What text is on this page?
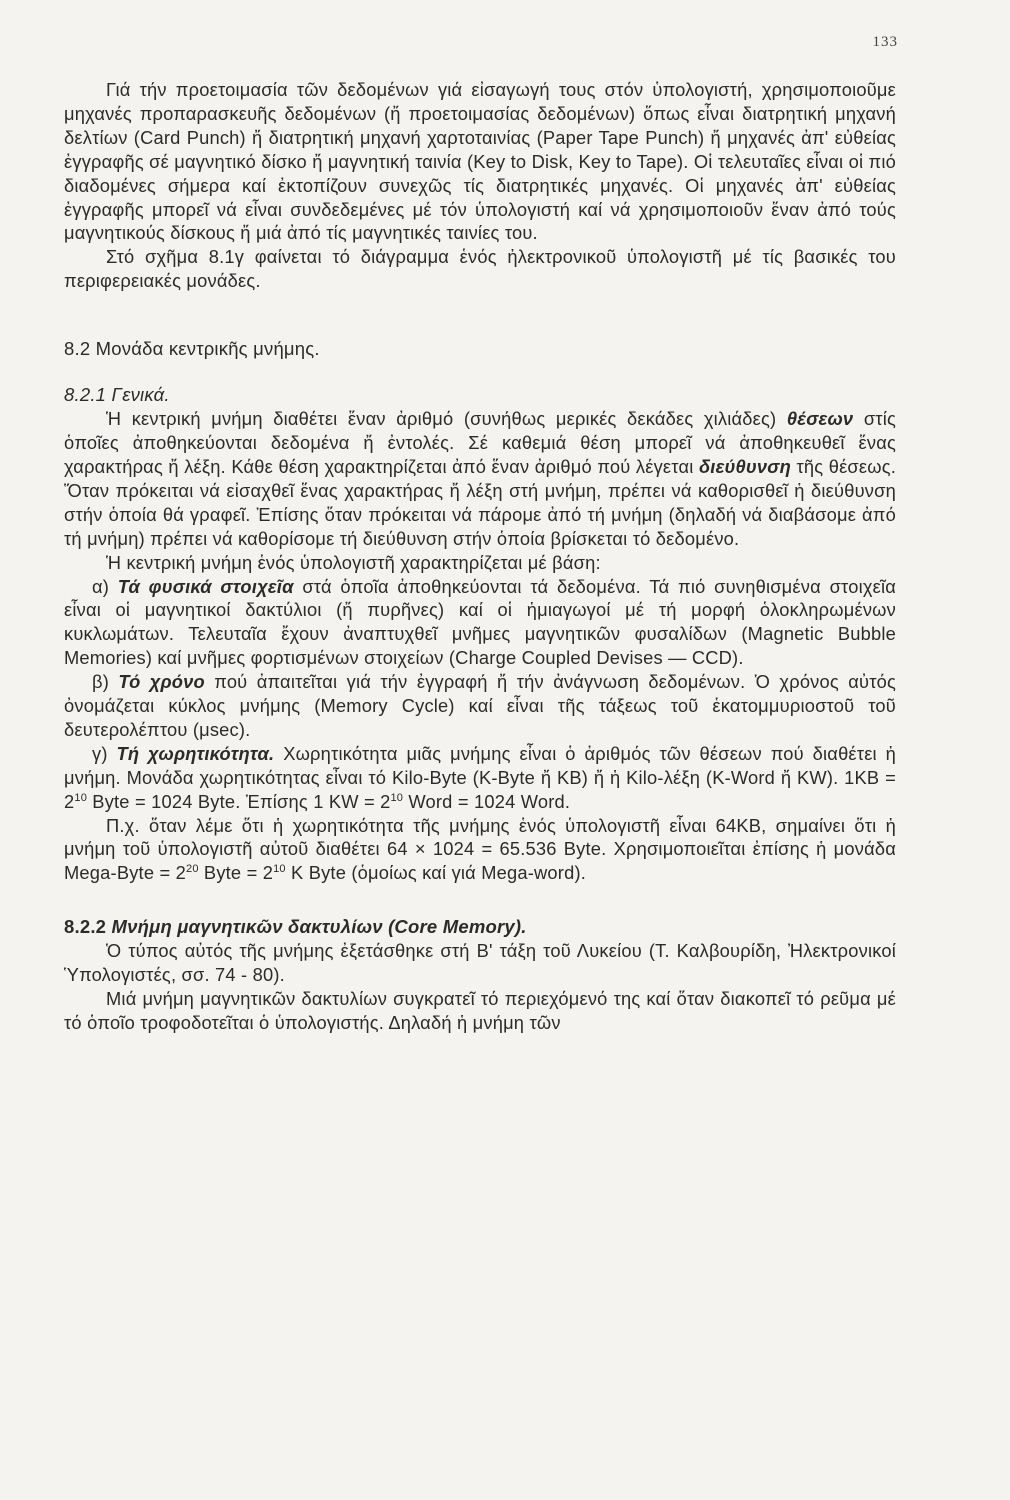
133

Γιά τήν προετοιμασία τῶν δεδομένων γιά εἰσαγωγή τους στόν ὑπολογιστή, χρησιμοποιοῦμε μηχανές προπαρασκευῆς δεδομένων (ἤ προετοιμασίας δεδομένων) ὅπως εἶναι διατρητική μηχανή δελτίων (Card Punch) ἤ διατρητική μηχανή χαρτοταινίας (Paper Tape Punch) ἤ μηχανές ἀπ' εὐθείας ἐγγραφῆς σέ μαγνητικό δίσκο ἤ μαγνητική ταινία (Key to Disk, Key to Tape). Οἱ τελευταῖες εἶναι οἱ πιό διαδομένες σήμερα καί ἐκτοπίζουν συνεχῶς τίς διατρητικές μηχανές. Οἱ μηχανές ἀπ' εὐθείας ἐγγραφῆς μπορεῖ νά εἶναι συνδεδεμένες μέ τόν ὑπολογιστή καί νά χρησιμοποιοῦν ἕναν ἀπό τούς μαγνητικούς δίσκους ἤ μιά ἀπό τίς μαγνητικές ταινίες του.

Στό σχῆμα 8.1γ φαίνεται τό διάγραμμα ἑνός ἠλεκτρονικοῦ ὑπολογιστῆ μέ τίς βασικές του περιφερειακές μονάδες.

8.2 Μονάδα κεντρικῆς μνήμης.
8.2.1 Γενικά.

Ἡ κεντρική μνήμη διαθέτει ἕναν ἀριθμό (συνήθως μερικές δεκάδες χιλιάδες) θέσεων στίς ὁποῖες ἀποθηκεύονται δεδομένα ἤ ἐντολές. Σέ καθεμιά θέση μπορεῖ νά ἀποθηκευθεῖ ἕνας χαρακτήρας ἤ λέξη. Κάθε θέση χαρακτηρίζεται ἀπό ἕναν ἀριθμό πού λέγεται διεύθυνση τῆς θέσεως. Ὅταν πρόκειται νά εἰσαχθεῖ ἕνας χαρακτήρας ἤ λέξη στή μνήμη, πρέπει νά καθορισθεῖ ἡ διεύθυνση στήν ὁποία θά γραφεῖ. Ἐπίσης ὅταν πρόκειται νά πάρομε ἀπό τή μνήμη (δηλαδή νά διαβάσομε ἀπό τή μνήμη) πρέπει νά καθορίσομε τή διεύθυνση στήν ὁποία βρίσκεται τό δεδομένο.

Ἡ κεντρική μνήμη ἑνός ὑπολογιστῆ χαρακτηρίζεται μέ βάση:

α) Τά φυσικά στοιχεῖα στά ὁποῖα ἀποθηκεύονται τά δεδομένα. Τά πιό συνηθισμένα στοιχεῖα εἶναι οἱ μαγνητικοί δακτύλιοι (ἤ πυρῆνες) καί οἱ ἡμιαγωγοί μέ τή μορφή ὁλοκληρωμένων κυκλωμάτων. Τελευταῖα ἔχουν ἀναπτυχθεῖ μνῆμες μαγνητικῶν φυσαλίδων (Magnetic Bubble Memories) καί μνῆμες φορτισμένων στοιχείων (Charge Coupled Devises — CCD).

β) Τό χρόνο πού ἀπαιτεῖται γιά τήν ἐγγραφή ἤ τήν ἀνάγνωση δεδομένων. Ὁ χρόνος αὐτός ὀνομάζεται κύκλος μνήμης (Memory Cycle) καί εἶναι τῆς τάξεως τοῦ ἑκατομμυριοστοῦ τοῦ δευτερολέπτου (μsec).

γ) Τή χωρητικότητα. Χωρητικότητα μιᾶς μνήμης εἶναι ὁ ἀριθμός τῶν θέσεων πού διαθέτει ἡ μνήμη. Μονάδα χωρητικότητας εἶναι τό Kilo-Byte (K-Byte ἤ KB) ἤ ἡ Kilo-λέξη (K-Word ἤ KW). $1KB = 2^{10}$ Byte = 1024 Byte. Ἐπίσης 1 KW = $2^{10}$ Word = 1024 Word.

Π.χ. ὅταν λέμε ὅτι ἡ χωρητικότητα τῆς μνήμης ἑνός ὑπολογιστῆ εἶναι 64KB, σημαίνει ὅτι ἡ μνήμη τοῦ ὑπολογιστῆ αὐτοῦ διαθέτει 64 × 1024 = 65.536 Byte. Χρησιμοποιεῖται ἐπίσης ἡ μονάδα Mega-Byte = $2^{20}$ Byte = $2^{10}$ K Byte (ὁμοίως καί γιά Mega-word).

8.2.2 Μνήμη μαγνητικῶν δακτυλίων (Core Memory).

Ὁ τύπος αὐτός τῆς μνήμης ἐξετάσθηκε στή Β' τάξη τοῦ Λυκείου (Τ. Καλβουρίδη, Ἠλεκτρονικοί Ὑπολογιστές, σσ. 74 - 80).

Μιά μνήμη μαγνητικῶν δακτυλίων συγκρατεῖ τό περιεχόμενό της καί ὅταν διακοπεῖ τό ρεῦμα μέ τό ὁποῖο τροφοδοτεῖται ὁ ὑπολογιστής. Δηλαδή ἡ μνήμη τῶν
